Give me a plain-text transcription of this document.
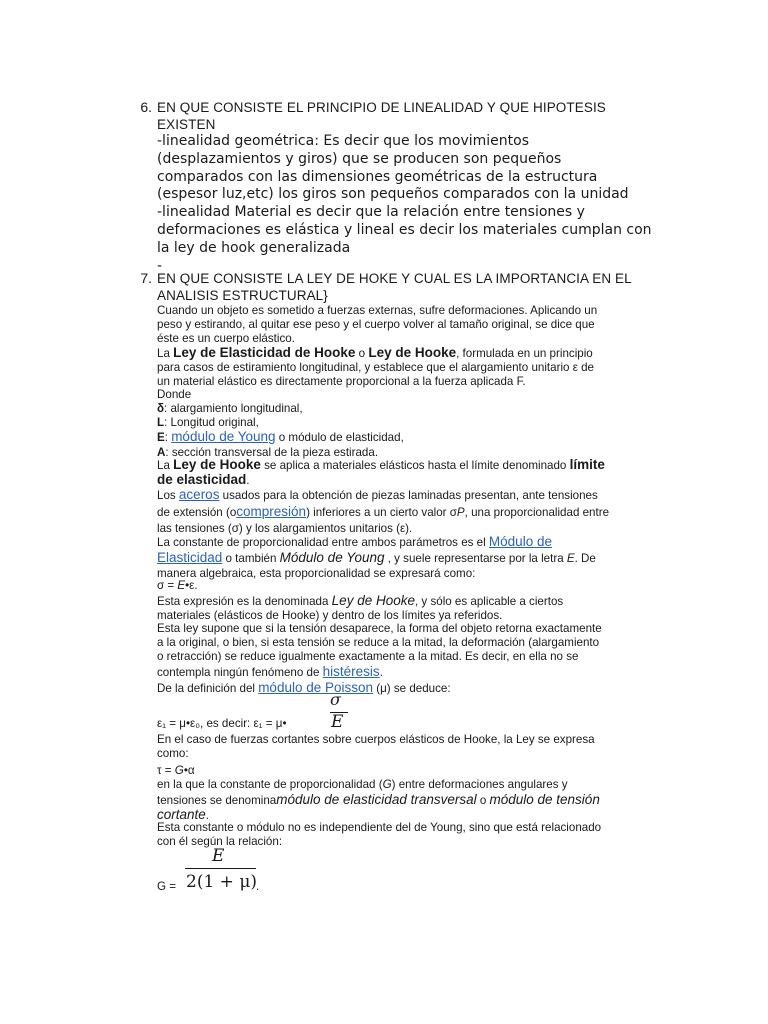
6. EN QUE CONSISTE EL PRINCIPIO DE LINEALIDAD Y QUE HIPOTESIS
EXISTEN
-linealidad geométrica: Es decir que los movimientos
(desplazamientos y giros) que se producen son pequeños
comparados con las dimensiones geométricas de la estructura
(espesor luz,etc) los giros son pequeños comparados con la unidad
-linealidad Material es decir que la relación entre tensiones y
deformaciones es elástica y lineal es decir los materiales cumplan con
la ley de hook generalizada
-
7. EN QUE CONSISTE LA LEY DE HOKE Y CUAL ES LA IMPORTANCIA EN EL
ANALISIS ESTRUCTURAL}
Cuando un objeto es sometido a fuerzas externas, sufre deformaciones. Aplicando un
peso y estirando, al quitar ese peso y el cuerpo volver al tamaño original, se dice que
éste es un cuerpo elástico.
La Ley de Elasticidad de Hooke o Ley de Hooke, formulada en un principio
para casos de estiramiento longitudinal, y establece que el alargamiento unitario ε de
un material elástico es directamente proporcional a la fuerza aplicada F.
Donde
δ: alargamiento longitudinal,
L: Longitud original,
E: módulo de Young o módulo de elasticidad,
A: sección transversal de la pieza estirada.
La Ley de Hooke se aplica a materiales elásticos hasta el límite denominado límite
de elasticidad.
Los aceros usados para la obtención de piezas laminadas presentan, ante tensiones
de extensión (ocompresión) inferiores a un cierto valor σP, una proporcionalidad entre
las tensiones (σ) y los alargamientos unitarios (ε).
La constante de proporcionalidad entre ambos parámetros es el Módulo de
Elasticidad o también Módulo de Young , y suele representarse por la letra E. De
manera algebraica, esta proporcionalidad se expresará como:
σ = E•ε.
Esta expresión es la denominada Ley de Hooke, y sólo es aplicable a ciertos
materiales (elásticos de Hooke) y dentro de los límites ya referidos.
Esta ley supone que si la tensión desaparece, la forma del objeto retorna exactamente
a la original, o bien, si esta tensión se reduce a la mitad, la deformación (alargamiento
o retracción) se reduce igualmente exactamente a la mitad. Es decir, en ella no se
contempla ningún fenómeno de histéresis.
De la definición del módulo de Poisson (μ) se deduce:
ε₁ = μ•ε₀, es decir: ε₁ = μ•
σ
E
En el caso de fuerzas cortantes sobre cuerpos elásticos de Hooke, la Ley se expresa
como:
τ = G•α
en la que la constante de proporcionalidad (G) entre deformaciones angulares y
tensiones se denominamódulo de elasticidad transversal o módulo de tensión
cortante.
Esta constante o módulo no es independiente del de Young, sino que está relacionado
con él según la relación:
G =
E
2(1 + μ) .
